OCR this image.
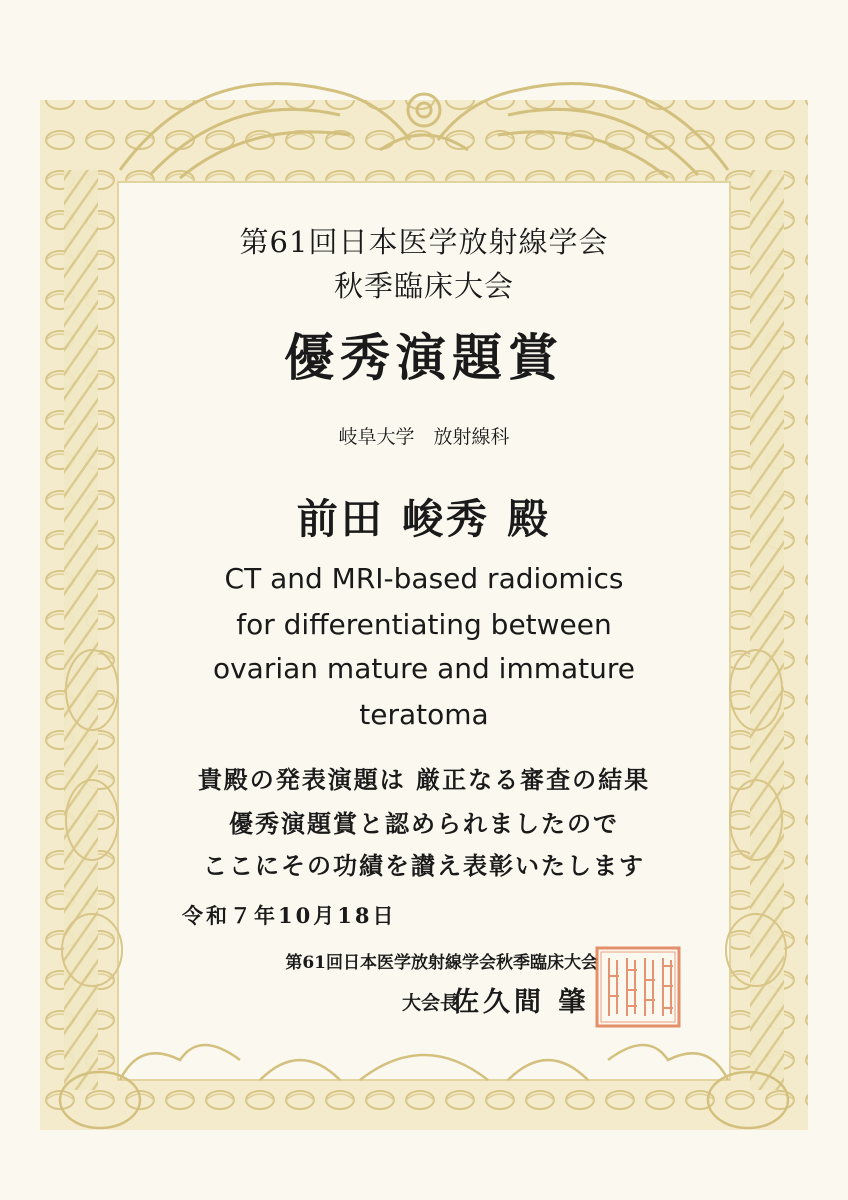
第61回日本医学放射線学会
秋季臨床大会
優秀演題賞
岐阜大学　放射線科
前田 峻秀 殿
CT and MRI-based radiomics
for differentiating between
ovarian mature and immature
teratoma
貴殿の発表演題は 厳正なる審査の結果
優秀演題賞と認められましたので
ここにその功績を讃え表彰いたします
令和７年10月18日
第61回日本医学放射線学会秋季臨床大会
大会長
佐久間 肇
